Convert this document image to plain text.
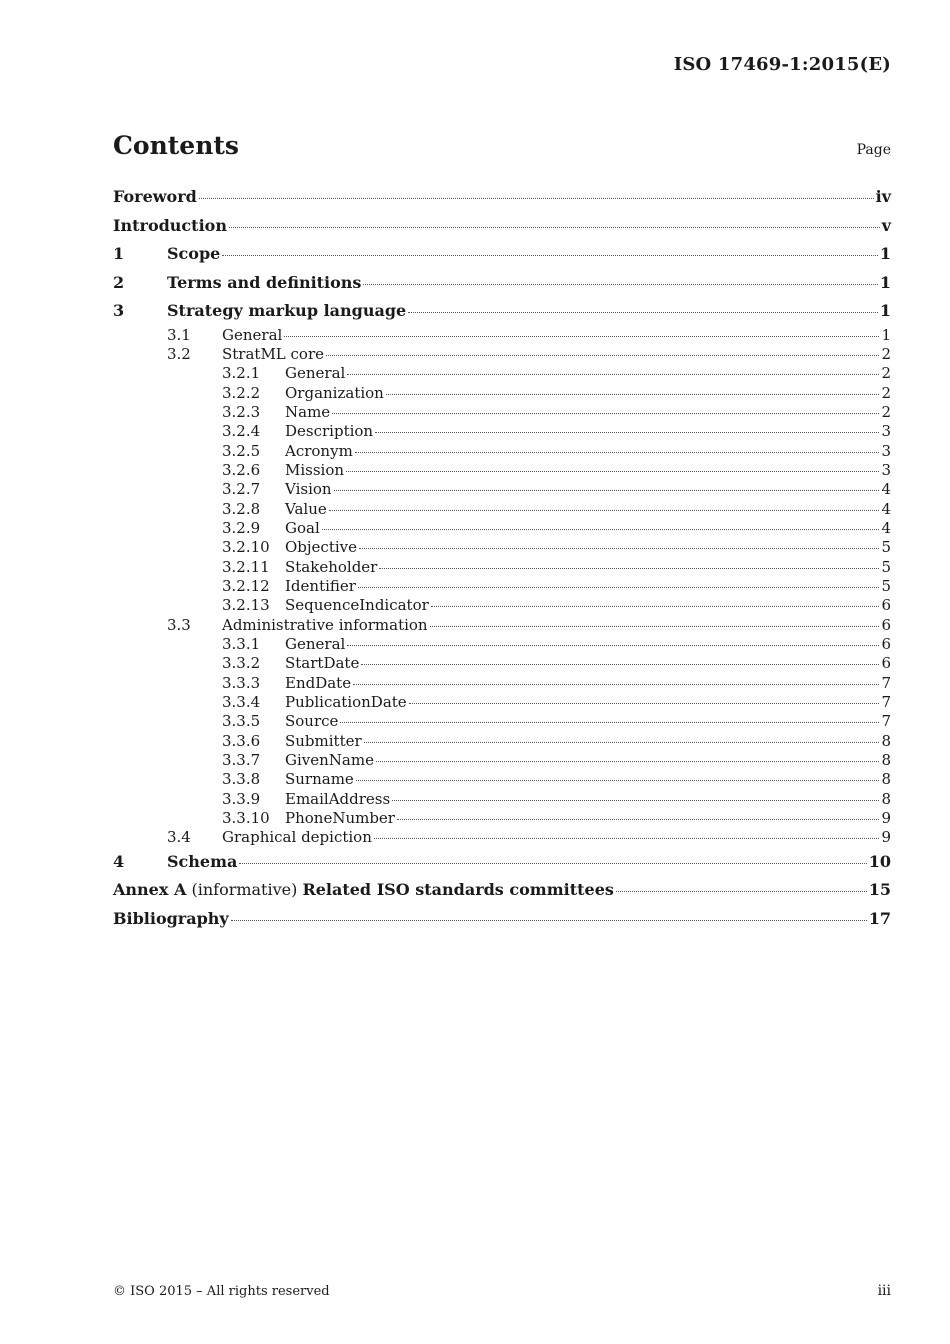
ISO 17469-1:2015(E)
Contents	Page
Foreword	iv
Introduction	v
1	Scope	1
2	Terms and definitions	1
3	Strategy markup language	1
3.1	General	1
3.2	StratML core	2
3.2.1	General	2
3.2.2	Organization	2
3.2.3	Name	2
3.2.4	Description	3
3.2.5	Acronym	3
3.2.6	Mission	3
3.2.7	Vision	4
3.2.8	Value	4
3.2.9	Goal	4
3.2.10	Objective	5
3.2.11	Stakeholder	5
3.2.12	Identifier	5
3.2.13	SequenceIndicator	6
3.3	Administrative information	6
3.3.1	General	6
3.3.2	StartDate	6
3.3.3	EndDate	7
3.3.4	PublicationDate	7
3.3.5	Source	7
3.3.6	Submitter	8
3.3.7	GivenName	8
3.3.8	Surname	8
3.3.9	EmailAddress	8
3.3.10	PhoneNumber	9
3.4	Graphical depiction	9
4	Schema	10
Annex A (informative) Related ISO standards committees	15
Bibliography	17
© ISO 2015 – All rights reserved	iii
